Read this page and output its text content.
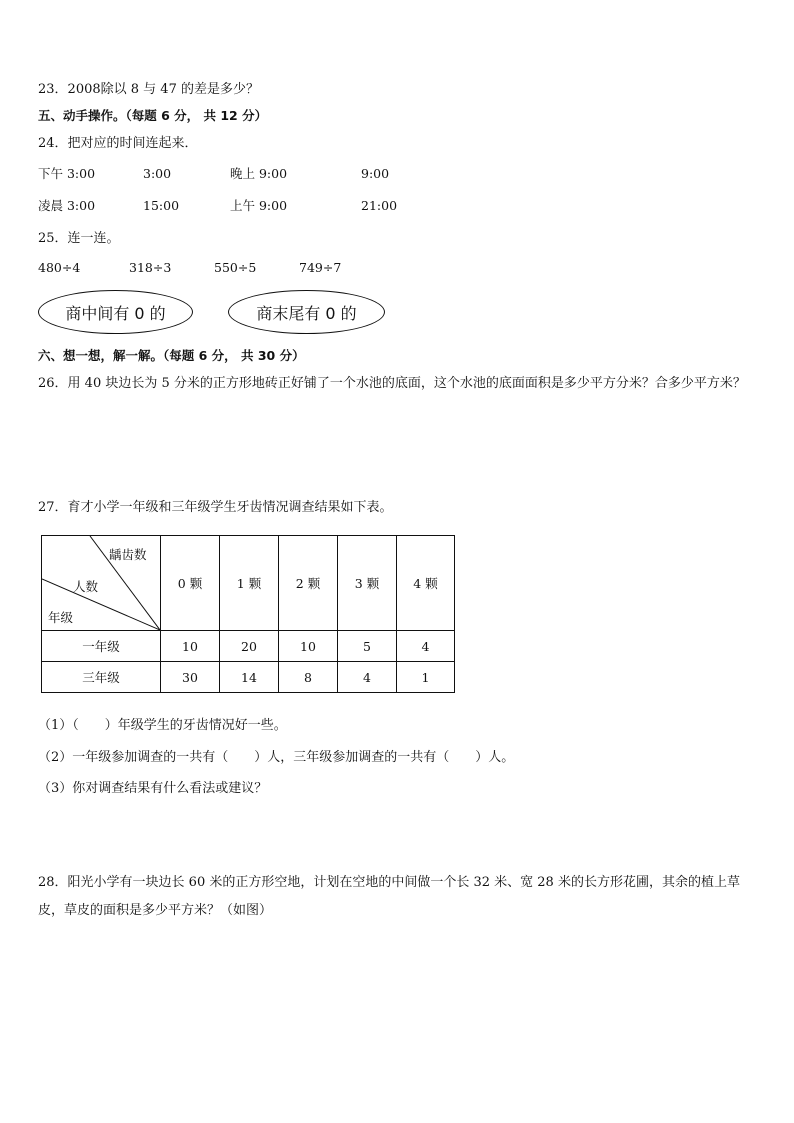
23．2008除以 8 与 47 的差是多少？
五、动手操作。（每题 6 分， 共 12 分）
24．把对应的时间连起来．
下午 3:00	3:00	晚上 9:00	9:00
凌晨 3:00	15:00	上午 9:00	21:00
25．连一连。
480÷4	318÷3	550÷5	749÷7
商中间有 0 的	商末尾有 0 的
六、想一想，解一解。（每题 6 分， 共 30 分）
26．用 40 块边长为 5 分米的正方形地砖正好铺了一个水池的底面，这个水池的底面面积是多少平方分米？合多少平方米？
27．育才小学一年级和三年级学生牙齿情况调查结果如下表。
龋齿数
人数
年级	0 颗	1 颗	2 颗	3 颗	4 颗
一年级	10	20	10	5	4
三年级	30	14	8	4	1
（1）（　　）年级学生的牙齿情况好一些。
（2）一年级参加调查的一共有（　　）人，三年级参加调查的一共有（　　）人。
（3）你对调查结果有什么看法或建议？
28．阳光小学有一块边长 60 米的正方形空地，计划在空地的中间做一个长 32 米、宽 28 米的长方形花圃，其余的植上草皮，草皮的面积是多少平方米？（如图）
